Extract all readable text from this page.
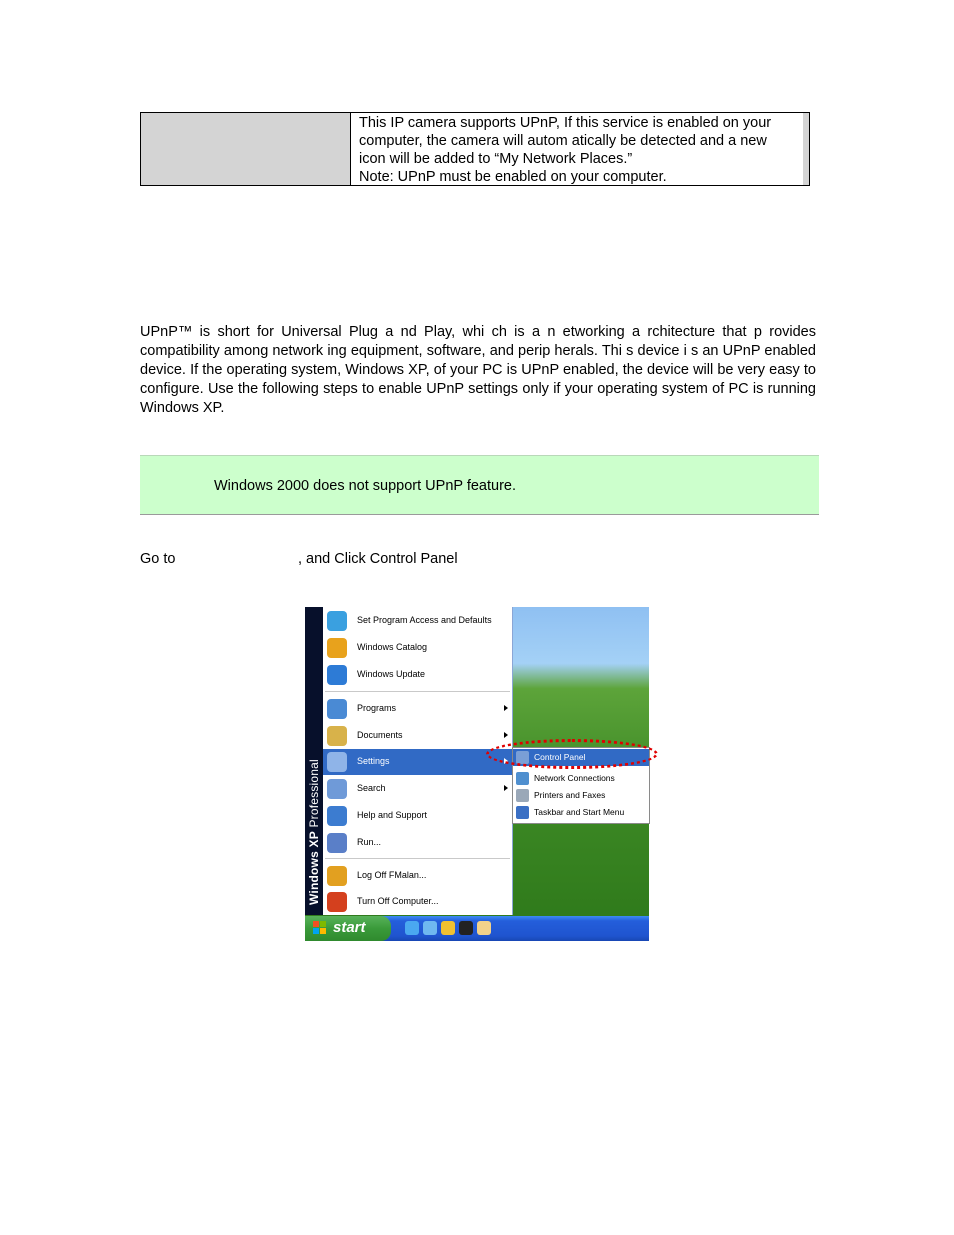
This IP camera supports UPnP, If this service is enabled on your computer, the camera will autom atically be detected and a new icon will be added to “My Network Places.”
Note: UPnP must be enabled on your computer.
UPnP™ is short for Universal Plug a nd Play, whi ch is a n etworking a rchitecture that p rovides compatibility among network ing equipment, software, and perip herals. Thi s device i s an UPnP enabled device. If the operating system, Windows XP, of your PC is UPnP enabled, the device will be very easy to configure. Use the following steps to enable UPnP settings only if your operating system of PC is running Windows XP.
Windows 2000 does not support UPnP feature.
Go to	, and Click Control Panel
Windows XP Professional
Set Program Access and Defaults
Windows Catalog
Windows Update
Programs
Documents
Settings
Search
Help and Support
Run...
Log Off FMalan...
Turn Off Computer...
Control Panel
Network Connections
Printers and Faxes
Taskbar and Start Menu
start
